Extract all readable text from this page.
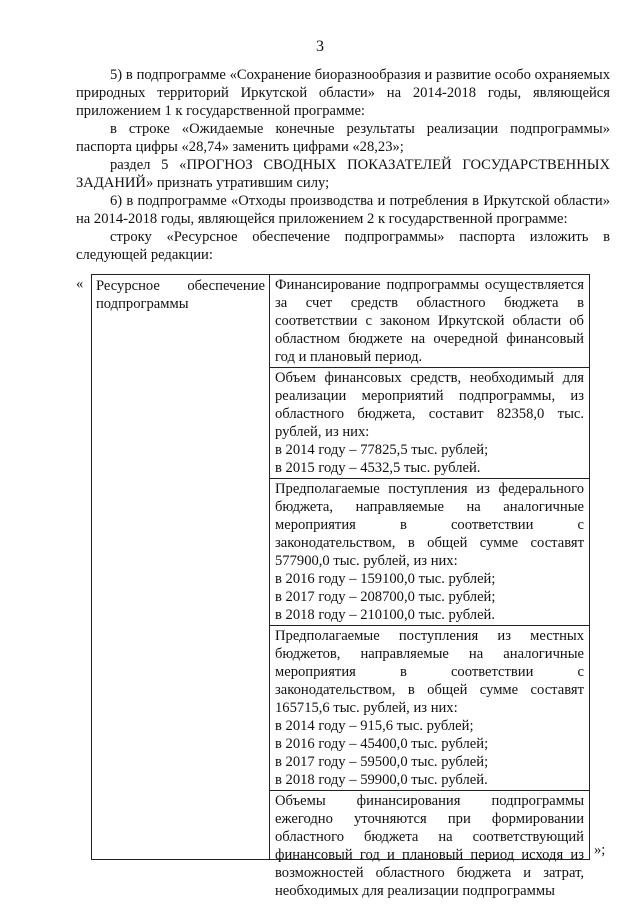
3

5) в подпрограмме «Сохранение биоразнообразия и развитие особо охраняемых природных территорий Иркутской области» на 2014-2018 годы, являющейся приложением 1 к государственной программе:

в строке «Ожидаемые конечные результаты реализации подпрограммы» паспорта цифры «28,74» заменить цифрами «28,23»;

раздел 5 «ПРОГНОЗ СВОДНЫХ ПОКАЗАТЕЛЕЙ ГОСУДАРСТВЕННЫХ ЗАДАНИЙ» признать утратившим силу;

6) в подпрограмме «Отходы производства и потребления в Иркутской области» на 2014-2018 годы, являющейся приложением 2 к государственной программе:

строку «Ресурсное обеспечение подпрограммы» паспорта изложить в следующей редакции:

« Ресурсное обеспечение подпрограммы
Финансирование подпрограммы осуществляется за счет средств областного бюджета в соответствии с законом Иркутской области об областном бюджете на очередной финансовый год и плановый период.
Объем финансовых средств, необходимый для реализации мероприятий подпрограммы, из областного бюджета, составит 82358,0 тыс. рублей, из них:
в 2014 году – 77825,5 тыс. рублей;
в 2015 году – 4532,5 тыс. рублей.
Предполагаемые поступления из федерального бюджета, направляемые на аналогичные мероприятия в соответствии с законодательством, в общей сумме составят 577900,0 тыс. рублей, из них:
в 2016 году – 159100,0 тыс. рублей;
в 2017 году – 208700,0 тыс. рублей;
в 2018 году – 210100,0 тыс. рублей.
Предполагаемые поступления из местных бюджетов, направляемые на аналогичные мероприятия в соответствии с законодательством, в общей сумме составят 165715,6 тыс. рублей, из них:
в 2014 году – 915,6 тыс. рублей;
в 2016 году – 45400,0 тыс. рублей;
в 2017 году – 59500,0 тыс. рублей;
в 2018 году – 59900,0 тыс. рублей.
Объемы финансирования подпрограммы ежегодно уточняются при формировании областного бюджета на соответствующий финансовый год и плановый период исходя из возможностей областного бюджета и затрат, необходимых для реализации подпрограммы
»;
